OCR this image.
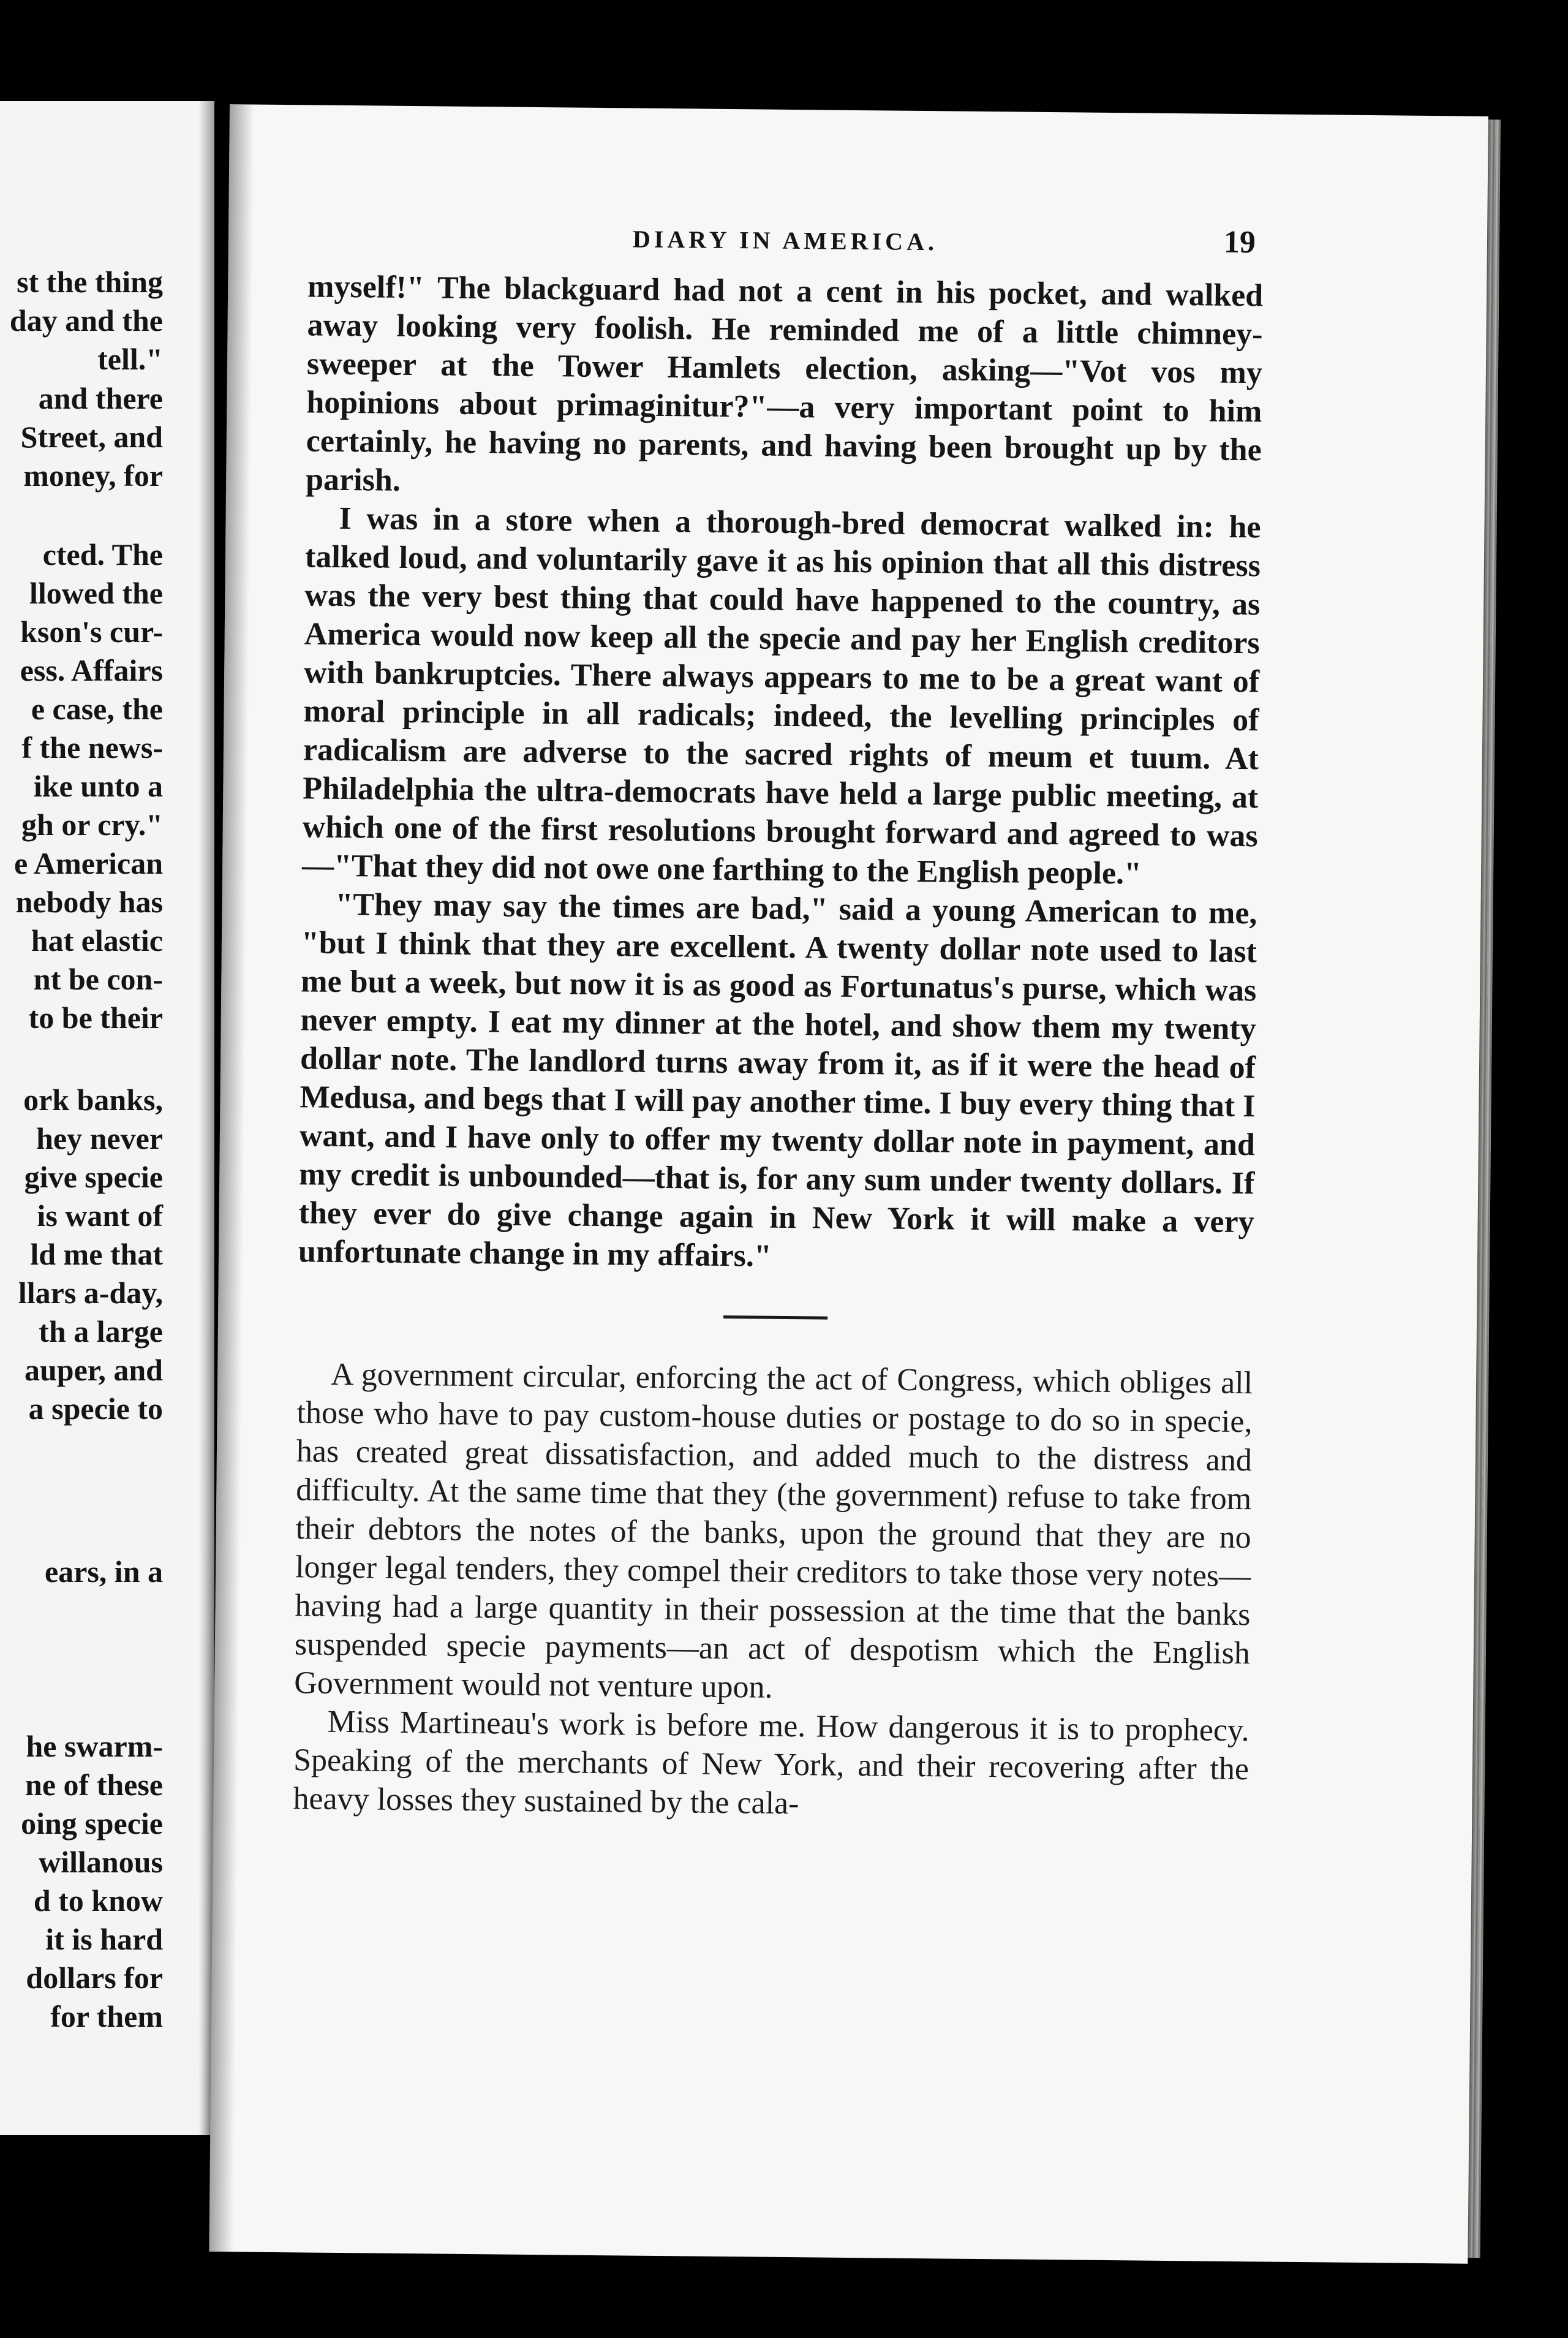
st the thing
day and the
tell."
and there
Street, and
money, for
cted. The
llowed the
kson's cur-
ess. Affairs
e case, the
f the news-
ike unto a
gh or cry."
e American
nebody has
hat elastic
nt be con-
to be their
ork banks,
hey never
give specie
is want of
ld me that
llars a-day,
th a large
auper, and
a specie to
ears, in a
he swarm-
ne of these
oing specie
willanous
d to know
it is hard
dollars for
for them
DIARY IN AMERICA.	19

myself!" The blackguard had not a cent in his pocket, and walked away looking very foolish. He reminded me of a little chimney-sweeper at the Tower Hamlets election, asking—"Vot vos my hopinions about primaginitur?"—a very important point to him certainly, he having no parents, and having been brought up by the parish.

I was in a store when a thorough-bred democrat walked in: he talked loud, and voluntarily gave it as his opinion that all this distress was the very best thing that could have happened to the country, as America would now keep all the specie and pay her English creditors with bankruptcies. There always appears to me to be a great want of moral principle in all radicals; indeed, the levelling principles of radicalism are adverse to the sacred rights of meum et tuum. At Philadelphia the ultra-democrats have held a large public meeting, at which one of the first resolutions brought forward and agreed to was—"That they did not owe one farthing to the English people."

"They may say the times are bad," said a young American to me, "but I think that they are excellent. A twenty dollar note used to last me but a week, but now it is as good as Fortunatus's purse, which was never empty. I eat my dinner at the hotel, and show them my twenty dollar note. The landlord turns away from it, as if it were the head of Medusa, and begs that I will pay another time. I buy every thing that I want, and I have only to offer my twenty dollar note in payment, and my credit is unbounded—that is, for any sum under twenty dollars. If they ever do give change again in New York it will make a very unfortunate change in my affairs."

A government circular, enforcing the act of Congress, which obliges all those who have to pay custom-house duties or postage to do so in specie, has created great dissatisfaction, and added much to the distress and difficulty. At the same time that they (the government) refuse to take from their debtors the notes of the banks, upon the ground that they are no longer legal tenders, they compel their creditors to take those very notes—having had a large quantity in their possession at the time that the banks suspended specie payments—an act of despotism which the English Government would not venture upon.

Miss Martineau's work is before me. How dangerous it is to prophecy. Speaking of the merchants of New York, and their recovering after the heavy losses they sustained by the cala-
